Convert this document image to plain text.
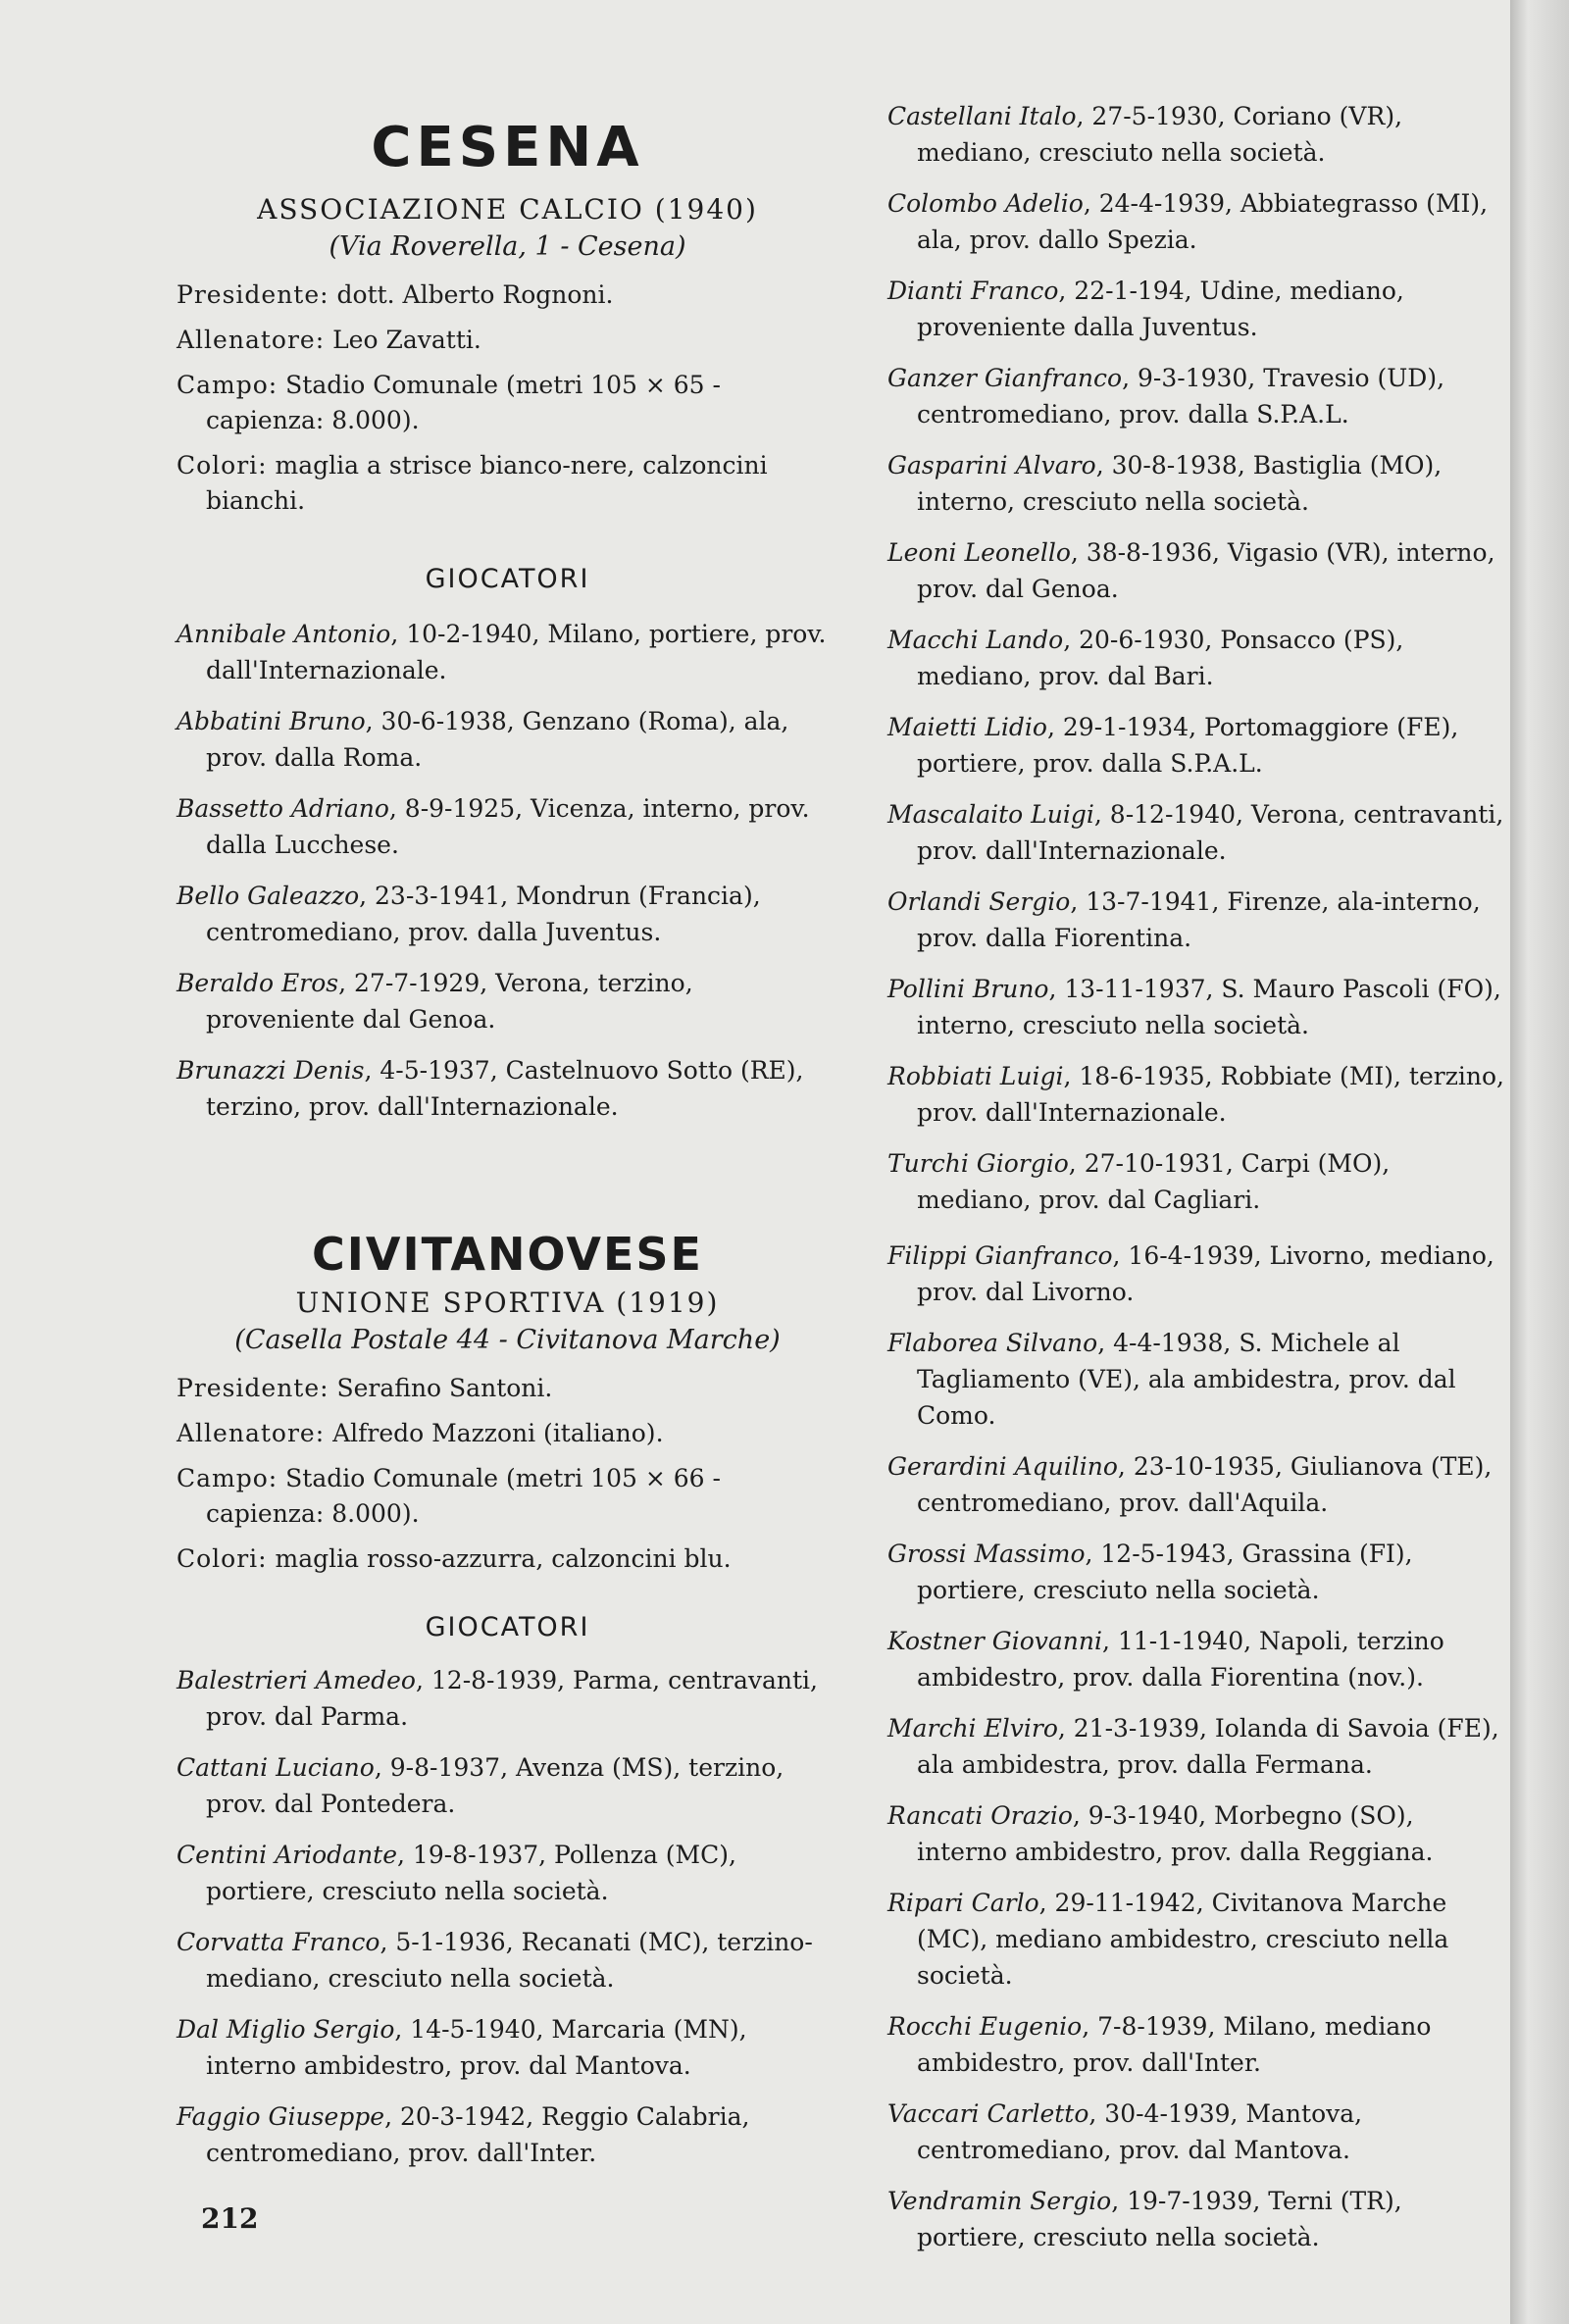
CESENA
ASSOCIAZIONE CALCIO (1940)
(Via Roverella, 1 - Cesena)
Presidente: dott. Alberto Rognoni.
Allenatore: Leo Zavatti.
Campo: Stadio Comunale (metri 105 × 65 - capienza: 8.000).
Colori: maglia a strisce bianco-nere, calzoncini bianchi.
GIOCATORI
Annibale Antonio, 10-2-1940, Milano, portiere, prov. dall'Internazionale.
Abbatini Bruno, 30-6-1938, Genzano (Roma), ala, prov. dalla Roma.
Bassetto Adriano, 8-9-1925, Vicenza, interno, prov. dalla Lucchese.
Bello Galeazzo, 23-3-1941, Mondrun (Francia), centromediano, prov. dalla Juventus.
Beraldo Eros, 27-7-1929, Verona, terzino, proveniente dal Genoa.
Brunazzi Denis, 4-5-1937, Castelnuovo Sotto (RE), terzino, prov. dall'Internazionale.
Castellani Italo, 27-5-1930, Coriano (VR), mediano, cresciuto nella società.
Colombo Adelio, 24-4-1939, Abbiategrasso (MI), ala, prov. dallo Spezia.
Dianti Franco, 22-1-194, Udine, mediano, proveniente dalla Juventus.
Ganzer Gianfranco, 9-3-1930, Travesio (UD), centromediano, prov. dalla S.P.A.L.
Gasparini Alvaro, 30-8-1938, Bastiglia (MO), interno, cresciuto nella società.
Leoni Leonello, 38-8-1936, Vigasio (VR), interno, prov. dal Genoa.
Macchi Lando, 20-6-1930, Ponsacco (PS), mediano, prov. dal Bari.
Maietti Lidio, 29-1-1934, Portomaggiore (FE), portiere, prov. dalla S.P.A.L.
Mascalaito Luigi, 8-12-1940, Verona, centravanti, prov. dall'Internazionale.
Orlandi Sergio, 13-7-1941, Firenze, ala-interno, prov. dalla Fiorentina.
Pollini Bruno, 13-11-1937, S. Mauro Pascoli (FO), interno, cresciuto nella società.
Robbiati Luigi, 18-6-1935, Robbiate (MI), terzino, prov. dall'Internazionale.
Turchi Giorgio, 27-10-1931, Carpi (MO), mediano, prov. dal Cagliari.
CIVITANOVESE
UNIONE SPORTIVA (1919)
(Casella Postale 44 - Civitanova Marche)
Presidente: Serafino Santoni.
Allenatore: Alfredo Mazzoni (italiano).
Campo: Stadio Comunale (metri 105 × 66 - capienza: 8.000).
Colori: maglia rosso-azzurra, calzoncini blu.
GIOCATORI
Balestrieri Amedeo, 12-8-1939, Parma, centravanti, prov. dal Parma.
Cattani Luciano, 9-8-1937, Avenza (MS), terzino, prov. dal Pontedera.
Centini Ariodante, 19-8-1937, Pollenza (MC), portiere, cresciuto nella società.
Corvatta Franco, 5-1-1936, Recanati (MC), terzino-mediano, cresciuto nella società.
Dal Miglio Sergio, 14-5-1940, Marcaria (MN), interno ambidestro, prov. dal Mantova.
Faggio Giuseppe, 20-3-1942, Reggio Calabria, centromediano, prov. dall'Inter.
Filippi Gianfranco, 16-4-1939, Livorno, mediano, prov. dal Livorno.
Flaborea Silvano, 4-4-1938, S. Michele al Tagliamento (VE), ala ambidestra, prov. dal Como.
Gerardini Aquilino, 23-10-1935, Giulianova (TE), centromediano, prov. dall'Aquila.
Grossi Massimo, 12-5-1943, Grassina (FI), portiere, cresciuto nella società.
Kostner Giovanni, 11-1-1940, Napoli, terzino ambidestro, prov. dalla Fiorentina (nov.).
Marchi Elviro, 21-3-1939, Iolanda di Savoia (FE), ala ambidestra, prov. dalla Fermana.
Rancati Orazio, 9-3-1940, Morbegno (SO), interno ambidestro, prov. dalla Reggiana.
Ripari Carlo, 29-11-1942, Civitanova Marche (MC), mediano ambidestro, cresciuto nella società.
Rocchi Eugenio, 7-8-1939, Milano, mediano ambidestro, prov. dall'Inter.
Vaccari Carletto, 30-4-1939, Mantova, centromediano, prov. dal Mantova.
Vendramin Sergio, 19-7-1939, Terni (TR), portiere, cresciuto nella società.
212
